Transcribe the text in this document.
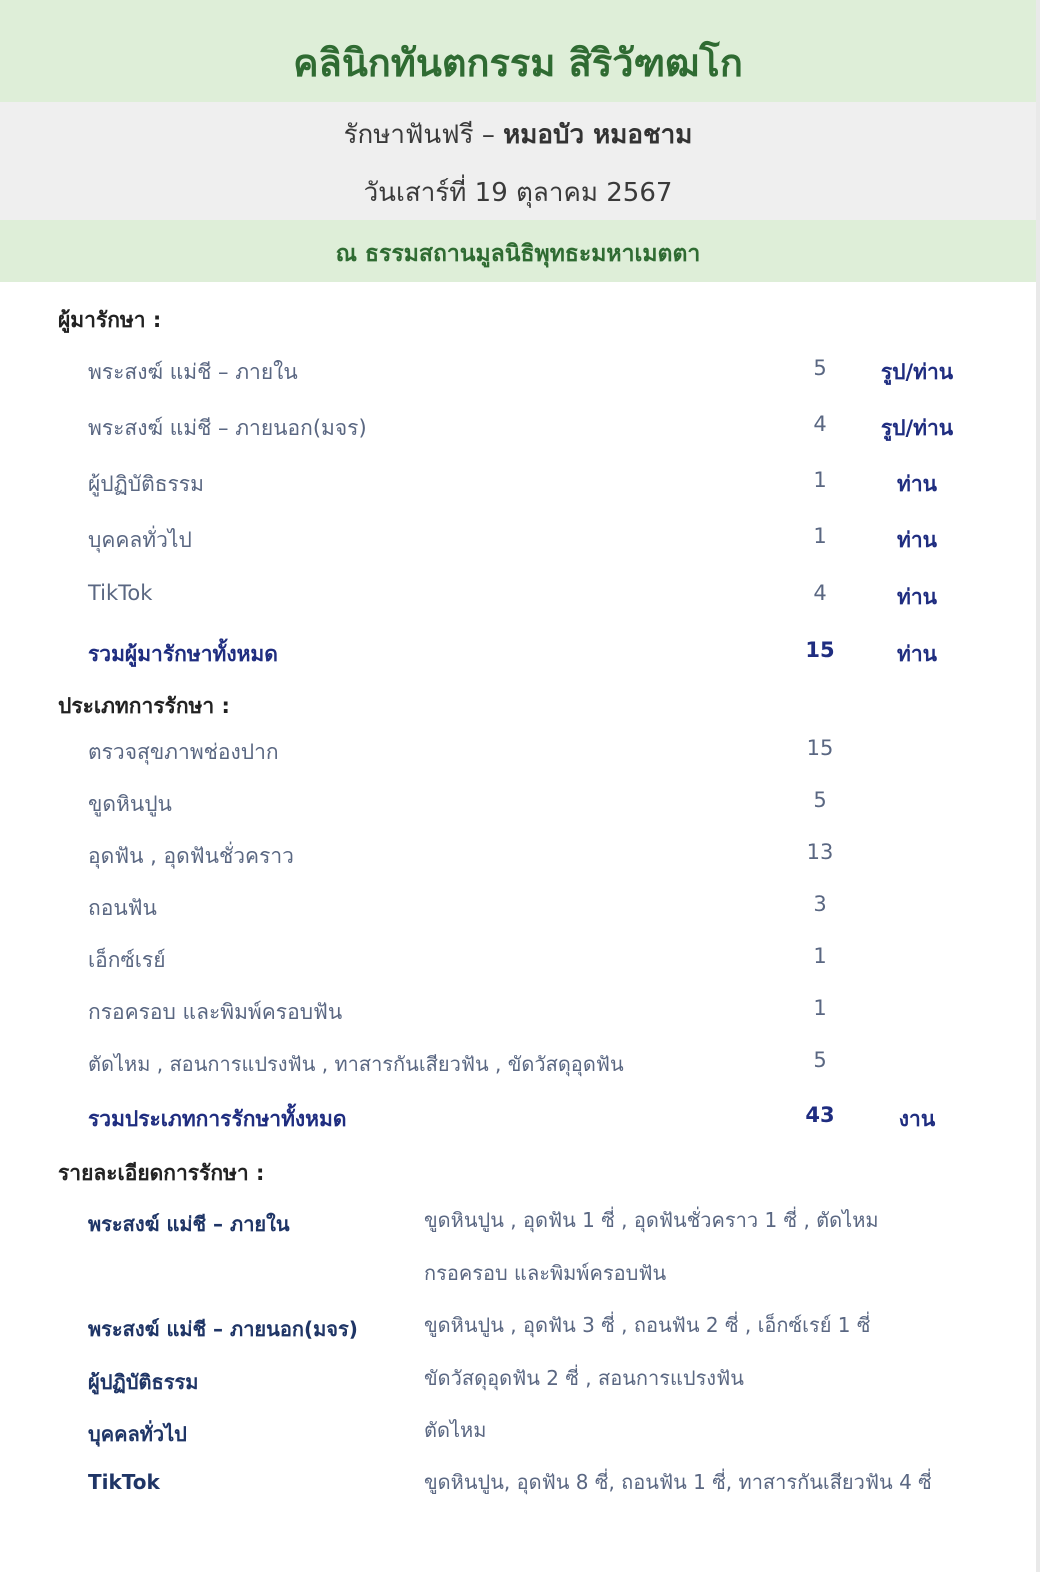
คลินิกทันตกรรม สิริวัฑฒโก
รักษาฟันฟรี – หมอบัว หมอชาม
วันเสาร์ที่ 19 ตุลาคม 2567
ณ ธรรมสถานมูลนิธิพุทธะมหาเมตตา
ผู้มารักษา :
พระสงฆ์ แม่ชี – ภายใน	5	รูป/ท่าน
พระสงฆ์ แม่ชี – ภายนอก(มจร)	4	รูป/ท่าน
ผู้ปฏิบัติธรรม	1	ท่าน
บุคคลทั่วไป	1	ท่าน
TikTok	4	ท่าน
รวมผู้มารักษาทั้งหมด	15	ท่าน
ประเภทการรักษา :
ตรวจสุขภาพช่องปาก	15
ขูดหินปูน	5
อุดฟัน , อุดฟันชั่วคราว	13
ถอนฟัน	3
เอ็กซ์เรย์	1
กรอครอบ และพิมพ์ครอบฟัน	1
ตัดไหม , สอนการแปรงฟัน , ทาสารกันเสียวฟัน , ขัดวัสดุอุดฟัน	5
รวมประเภทการรักษาทั้งหมด	43	งาน
รายละเอียดการรักษา :
พระสงฆ์ แม่ชี – ภายใน	ขูดหินปูน , อุดฟัน 1 ซี่ , อุดฟันชั่วคราว 1 ซี่ , ตัดไหม
กรอครอบ และพิมพ์ครอบฟัน
พระสงฆ์ แม่ชี – ภายนอก(มจร)	ขูดหินปูน , อุดฟัน 3 ซี่ , ถอนฟัน 2 ซี่ , เอ็กซ์เรย์ 1 ซี่
ผู้ปฏิบัติธรรม	ขัดวัสดุอุดฟัน 2 ซี่ , สอนการแปรงฟัน
บุคคลทั่วไป	ตัดไหม
TikTok	ขูดหินปูน, อุดฟัน 8 ซี่, ถอนฟัน 1 ซี่, ทาสารกันเสียวฟัน 4 ซี่
